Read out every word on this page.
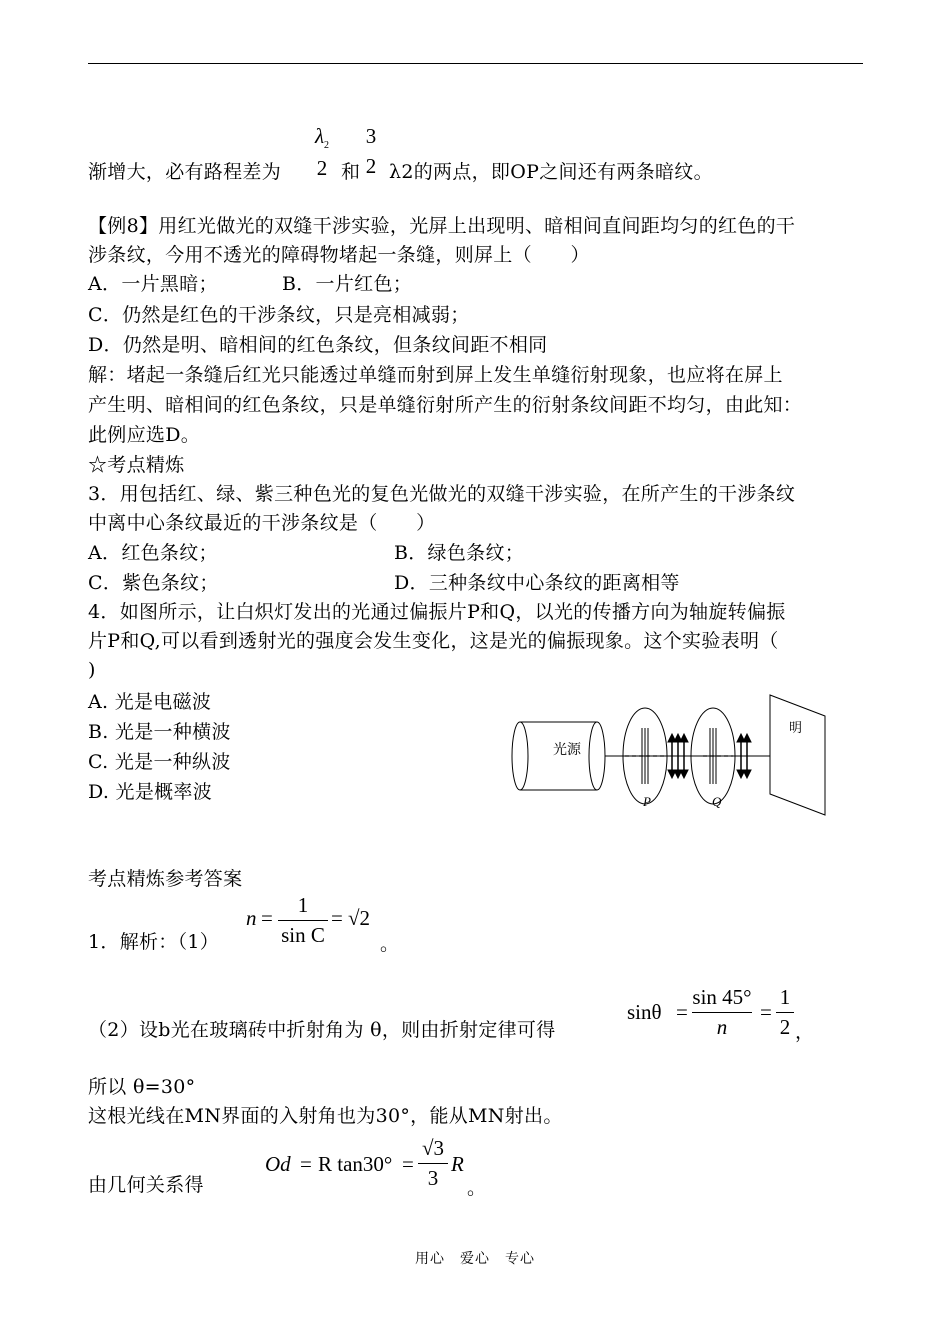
渐增大，必有路程差为
$\lambda_2$
2 和
3
2 λ2的两点，即OP之间还有两条暗纹。
【例8】用红光做光的双缝干涉实验，光屏上出现明、暗相间直间距均匀的红色的干
涉条纹，今用不透光的障碍物堵起一条缝，则屏上（　　）
A．一片黑暗；	B．一片红色；
C．仍然是红色的干涉条纹，只是亮相减弱；
D．仍然是明、暗相间的红色条纹，但条纹间距不相同
解：堵起一条缝后红光只能透过单缝而射到屏上发生单缝衍射现象，也应将在屏上
产生明、暗相间的红色条纹，只是单缝衍射所产生的衍射条纹间距不均匀，由此知：
此例应选D。
☆考点精炼
3．用包括红、绿、紫三种色光的复色光做光的双缝干涉实验，在所产生的干涉条纹
中离中心条纹最近的干涉条纹是（　　）
A．红色条纹；	B．绿色条纹；
C．紫色条纹；	D．三种条纹中心条纹的距离相等
4．如图所示，让白炽灯发出的光通过偏振片P和Q，以光的传播方向为轴旋转偏振
片P和Q,可以看到透射光的强度会发生变化，这是光的偏振现象。这个实验表明（
)
A. 光是电磁波
B. 光是一种横波
C. 光是一种纵波
D. 光是概率波
光源
P	Q
明
考点精炼参考答案
1．解析：（1）
n =
1
sin C
= √2
。
（2）设b光在玻璃砖中折射角为 θ，则由折射定律可得
sinθ =
sin 45°
n
=
1
2 ，
所以 θ=30°
这根光线在MN界面的入射角也为30°，能从MN射出。
由几何关系得
Od = R tan30° =
√3
3
R
。
用心　爱心　专心
